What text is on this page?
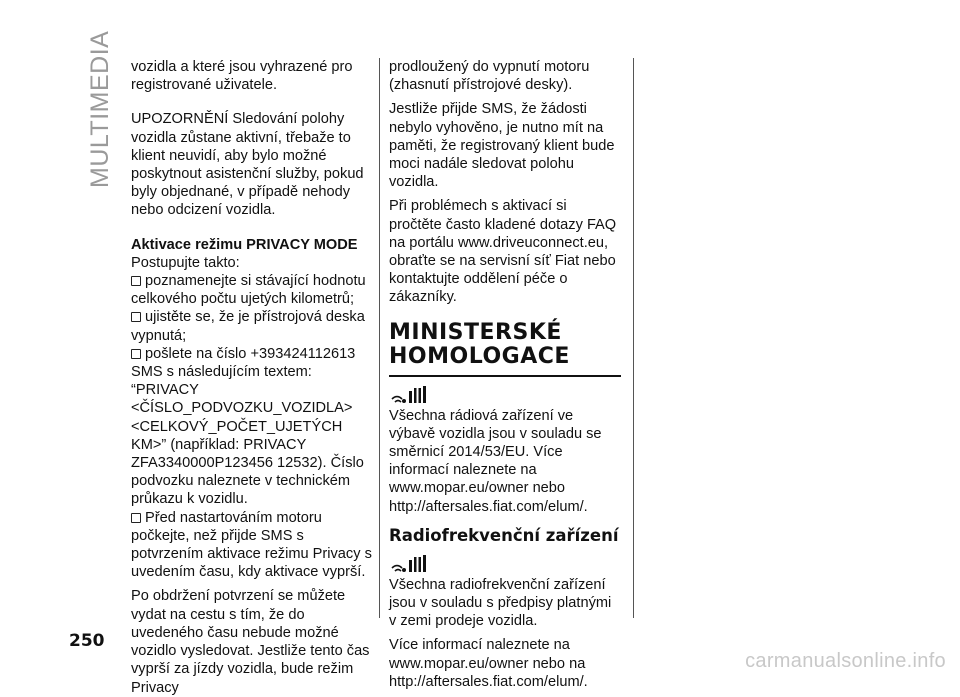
MULTIMEDIA vozidla a které jsou vyhrazené pro registrované uživatele.

UPOZORNĚNÍ Sledování polohy vozidla zůstane aktivní, třebaže to klient neuvidí, aby bylo možné poskytnout asistenční služby, pokud byly objednané, v případě nehody nebo odcizení vozidla.

Aktivace režimu PRIVACY MODE

Postupujte takto:

poznamenejte si stávající hodnotu celkového počtu ujetých kilometrů;

ujistěte se, že je přístrojová deska vypnutá;

pošlete na číslo +393424112613 SMS s následujícím textem: “PRIVACY <ČÍSLO_PODVOZKU_VOZIDLA> <CELKOVÝ_POČET_UJETÝCH KM>” (například: PRIVACY ZFA3340000P123456 12532). Číslo podvozku naleznete v technickém průkazu k vozidlu.

Před nastartováním motoru počkejte, než přijde SMS s potvrzením aktivace režimu Privacy s uvedením času, kdy aktivace vyprší.

Po obdržení potvrzení se můžete vydat na cestu s tím, že do uvedeného času nebude možné vozidlo vysledovat. Jestliže tento čas vyprší za jízdy vozidla, bude režim Privacy

prodloužený do vypnutí motoru (zhasnutí přístrojové desky).

Jestliže přijde SMS, že žádosti nebylo vyhověno, je nutno mít na paměti, že registrovaný klient bude moci nadále sledovat polohu vozidla.

Při problémech s aktivací si pročtěte často kladené dotazy FAQ na portálu www.driveuconnect.eu, obraťte se na servisní síť Fiat nebo kontaktujte oddělení péče o zákazníky.

MINISTERSKÉ HOMOLOGACE

Všechna rádiová zařízení ve výbavě vozidla jsou v souladu se směrnicí 2014/53/EU. Více informací naleznete na www.mopar.eu/owner nebo http://aftersales.fiat.com/elum/.

Radiofrekvenční zařízení

Všechna radiofrekvenční zařízení jsou v souladu s předpisy platnými v zemi prodeje vozidla.

Více informací naleznete na www.mopar.eu/owner nebo na http://aftersales.fiat.com/elum/.

250
carmanualsonline.info
